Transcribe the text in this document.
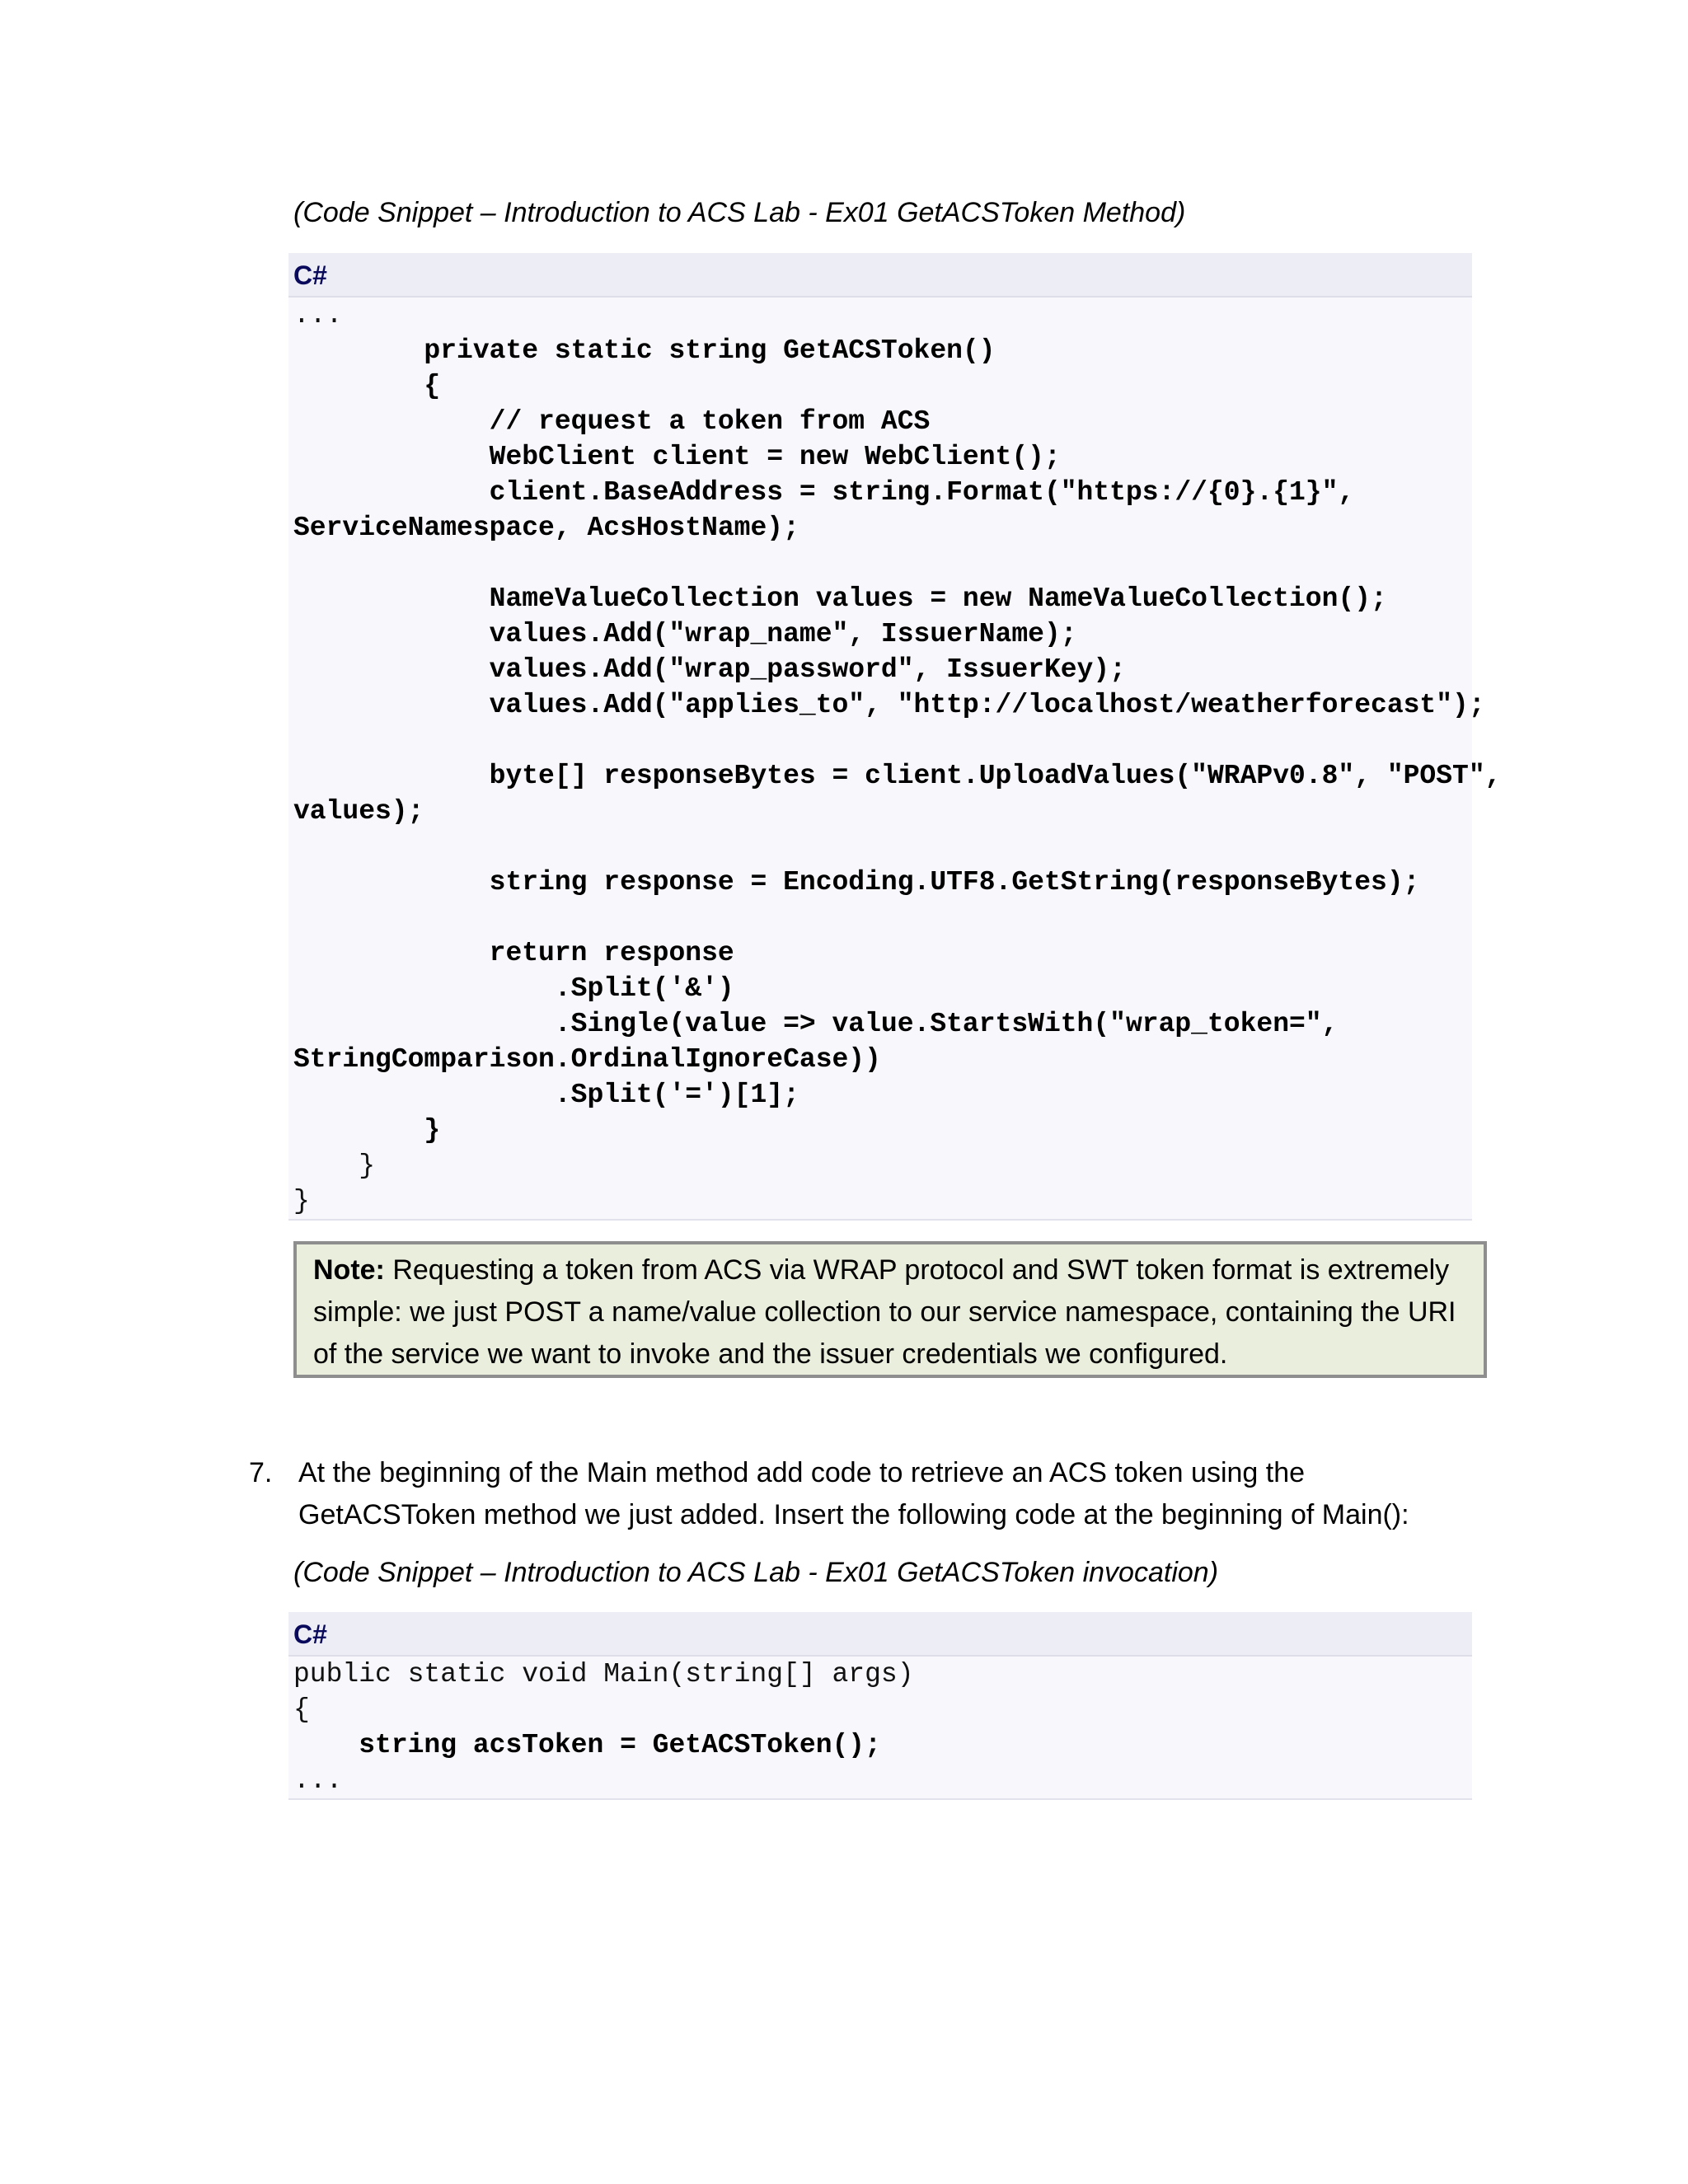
(Code Snippet – Introduction to ACS Lab - Ex01 GetACSToken Method)

C#
...
private static string GetACSToken()
{
// request a token from ACS
WebClient client = new WebClient();
client.BaseAddress = string.Format("https://{0}.{1}",
ServiceNamespace, AcsHostName);
NameValueCollection values = new NameValueCollection();
values.Add("wrap_name", IssuerName);
values.Add("wrap_password", IssuerKey);
values.Add("applies_to", "http://localhost/weatherforecast");
byte[] responseBytes = client.UploadValues("WRAPv0.8", "POST",
values);
string response = Encoding.UTF8.GetString(responseBytes);
return response
.Split('&')
.Single(value => value.StartsWith("wrap_token=",
StringComparison.OrdinalIgnoreCase))
.Split('=')[1];
}
}
}
Note: Requesting a token from ACS via WRAP protocol and SWT token format is extremely simple: we just POST a name/value collection to our service namespace, containing the URI of the service we want to invoke and the issuer credentials we configured.
7. At the beginning of the Main method add code to retrieve an ACS token using the GetACSToken method we just added. Insert the following code at the beginning of Main():

(Code Snippet – Introduction to ACS Lab - Ex01 GetACSToken invocation)

C#
public static void Main(string[] args)
{
string acsToken = GetACSToken();
...
